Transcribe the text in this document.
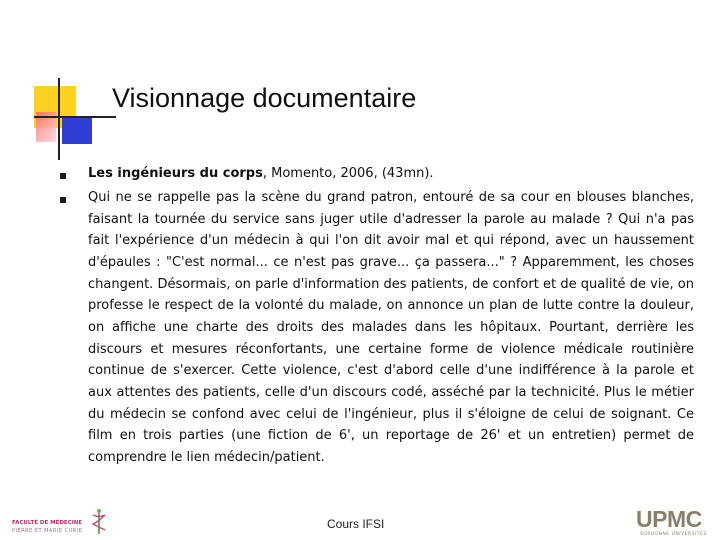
Visionnage documentaire
Les ingénieurs du corps, Momento, 2006, (43mn).
Qui ne se rappelle pas la scène du grand patron, entouré de sa cour en blouses blanches, faisant la tournée du service sans juger utile d'adresser la parole au malade ? Qui n'a pas fait l'expérience d'un médecin à qui l'on dit avoir mal et qui répond, avec un haussement d'épaules : "C'est normal... ce n'est pas grave... ça passera..." ? Apparemment, les choses changent. Désormais, on parle d'information des patients, de confort et de qualité de vie, on professe le respect de la volonté du malade, on annonce un plan de lutte contre la douleur, on affiche une charte des droits des malades dans les hôpitaux. Pourtant, derrière les discours et mesures réconfortants, une certaine forme de violence médicale routinière continue de s'exercer. Cette violence, c'est d'abord celle d'une indifférence à la parole et aux attentes des patients, celle d'un discours codé, asséché par la technicité. Plus le métier du médecin se confond avec celui de l'ingénieur, plus il s'éloigne de celui de soignant. Ce film en trois parties (une fiction de 6', un reportage de 26' et un entretien) permet de comprendre le lien médecin/patient.
Cours IFSI
FACULTÉ DE MÉDECINE
PIERRE ET MARIE CURIE	UPMC
SORBONNE UNIVERSITÉS
